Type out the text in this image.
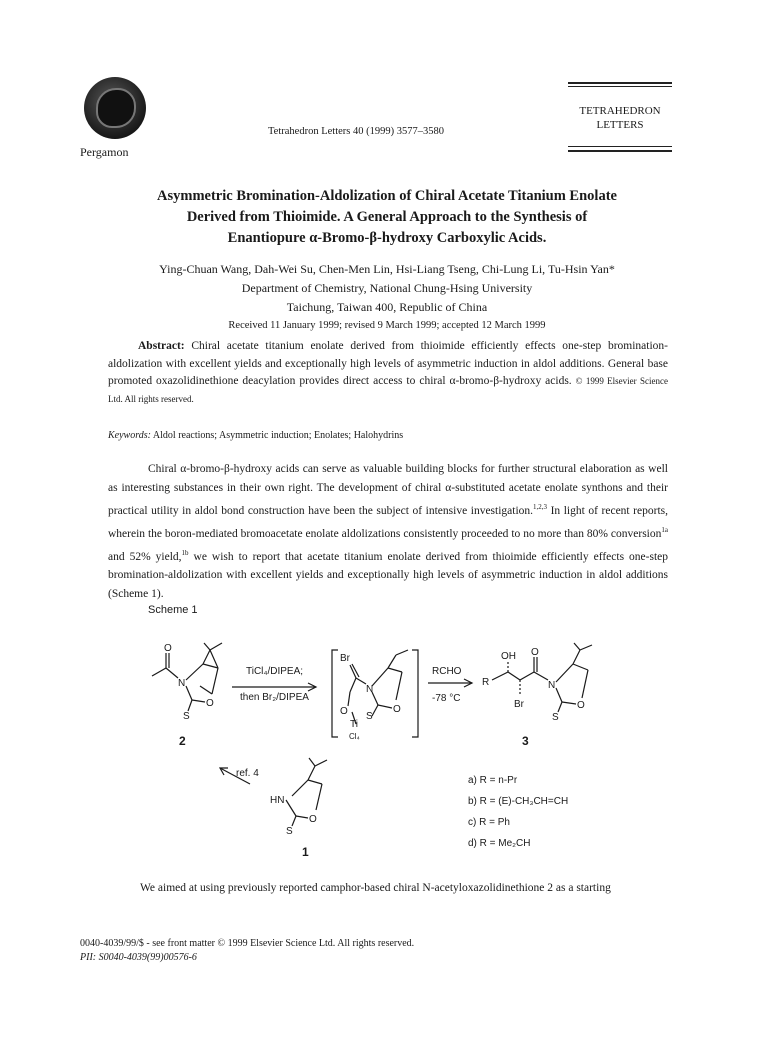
Pergamon
Tetrahedron Letters 40 (1999) 3577–3580
TETRAHEDRON
LETTERS
Asymmetric Bromination-Aldolization of Chiral Acetate Titanium Enolate
Derived from Thioimide. A General Approach to the Synthesis of
Enantiopure α-Bromo-β-hydroxy Carboxylic Acids.
Ying-Chuan Wang, Dah-Wei Su, Chen-Men Lin, Hsi-Liang Tseng, Chi-Lung Li, Tu-Hsin Yan*
Department of Chemistry, National Chung-Hsing University
Taichung, Taiwan 400, Republic of China
Received 11 January 1999; revised 9 March 1999; accepted 12 March 1999
Abstract: Chiral acetate titanium enolate derived from thioimide efficiently effects one-step bromination-aldolization with excellent yields and exceptionally high levels of asymmetric induction in aldol additions. General base promoted oxazolidinethione deacylation provides direct access to chiral α-bromo-β-hydroxy acids. © 1999 Elsevier Science Ltd. All rights reserved.
Keywords: Aldol reactions; Asymmetric induction; Enolates; Halohydrins
Chiral α-bromo-β-hydroxy acids can serve as valuable building blocks for further structural elaboration as well as interesting substances in their own right. The development of chiral α-substituted acetate enolate synthons and their practical utility in aldol bond construction have been the subject of intensive investigation.$^{1,2,3}$ In light of recent reports, wherein the boron-mediated bromoacetate enolate aldolizations consistently proceeded to no more than 80% conversion$^{1a}$ and 52% yield,$^{1b}$ we wish to report that acetate titanium enolate derived from thioimide efficiently effects one-step bromination-aldolization with excellent yields and exceptionally high levels of asymmetric induction in aldol additions (Scheme 1).
Scheme 1
O
N
S
O
TiCl₄/DIPEA;
then Br₂/DIPEA
Br
N
O
Ti
S
O
Cl₄
RCHO
-78 °C
OH O
R
Br
N
S
O
ref. 4
HN
S
O
a) R = n-Pr
b) R = (E)-CH₃CH=CH
c) R = Ph
d) R = Me₂CH
2	3
1
We aimed at using previously reported camphor-based chiral N-acetyloxazolidinethione 2 as a starting
0040-4039/99/$ - see front matter © 1999 Elsevier Science Ltd. All rights reserved.
PII: S0040-4039(99)00576-6
